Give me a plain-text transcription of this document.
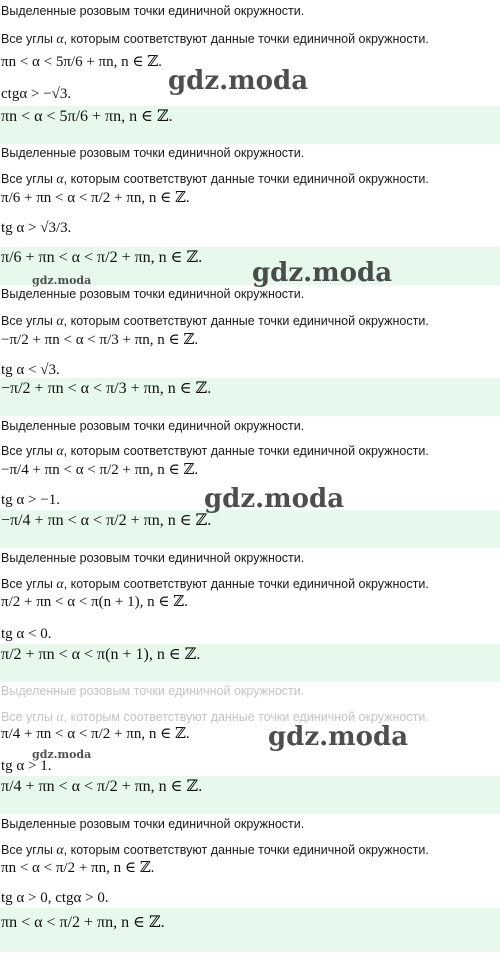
Выделенные розовым точки единичной окружности.
Все углы α, которым соответствуют данные точки единичной окружности.
πn < α < 5π/6 + πn, n ∈ ℤ.
ctgα > −√3.
πn < α < 5π/6 + πn, n ∈ ℤ.
Выделенные розовым точки единичной окружности.
Все углы α, которым соответствуют данные точки единичной окружности.
π/6 + πn < α < π/2 + πn, n ∈ ℤ.
tg α > √3/3.
π/6 + πn < α < π/2 + πn, n ∈ ℤ.
Выделенные розовым точки единичной окружности.
Все углы α, которым соответствуют данные точки единичной окружности.
−π/2 + πn < α < π/3 + πn, n ∈ ℤ.
tg α < √3.
−π/2 + πn < α < π/3 + πn, n ∈ ℤ.
Выделенные розовым точки единичной окружности.
Все углы α, которым соответствуют данные точки единичной окружности.
−π/4 + πn < α < π/2 + πn, n ∈ ℤ.
tg α > −1.
−π/4 + πn < α < π/2 + πn, n ∈ ℤ.
Выделенные розовым точки единичной окружности.
Все углы α, которым соответствуют данные точки единичной окружности.
π/2 + πn < α < π(n + 1), n ∈ ℤ.
tg α < 0.
π/2 + πn < α < π(n + 1), n ∈ ℤ.
Выделенные розовым точки единичной окружности.
Все углы α, которым соответствуют данные точки единичной окружности.
π/4 + πn < α < π/2 + πn, n ∈ ℤ.
tg α > 1.
π/4 + πn < α < π/2 + πn, n ∈ ℤ.
Выделенные розовым точки единичной окружности.
Все углы α, которым соответствуют данные точки единичной окружности.
πn < α < π/2 + πn, n ∈ ℤ.
tg α > 0, ctgα > 0.
πn < α < π/2 + πn, n ∈ ℤ.
gdz.moda
gdz.moda
gdz.moda
gdz.moda
gdz.moda
gdz.moda
